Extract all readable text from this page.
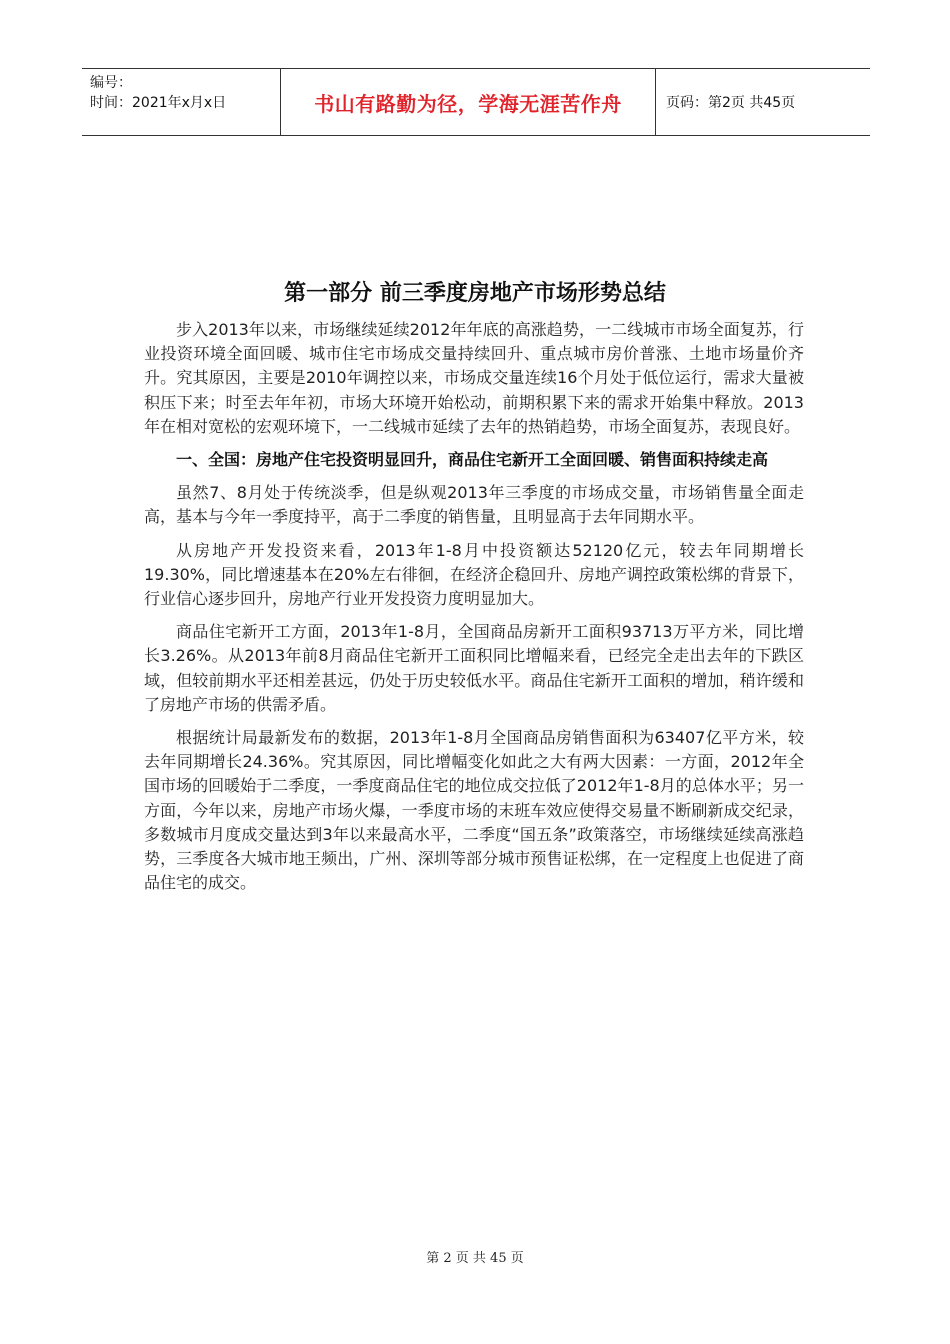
编号：
时间：2021年x月x日	书山有路勤为径，学海无涯苦作舟	页码：第2页 共45页
第一部分 前三季度房地产市场形势总结

步入2013年以来，市场继续延续2012年年底的高涨趋势，一二线城市市场全面复苏，行业投资环境全面回暖、城市住宅市场成交量持续回升、重点城市房价普涨、土地市场量价齐升。究其原因，主要是2010年调控以来，市场成交量连续16个月处于低位运行，需求大量被积压下来；时至去年年初，市场大环境开始松动，前期积累下来的需求开始集中释放。2013年在相对宽松的宏观环境下，一二线城市延续了去年的热销趋势，市场全面复苏，表现良好。

一、全国：房地产住宅投资明显回升，商品住宅新开工全面回暖、销售面积持续走高

虽然7、8月处于传统淡季，但是纵观2013年三季度的市场成交量，市场销售量全面走高，基本与今年一季度持平，高于二季度的销售量，且明显高于去年同期水平。

从房地产开发投资来看，2013年1-8月中投资额达52120亿元，较去年同期增长19.30%，同比增速基本在20%左右徘徊，在经济企稳回升、房地产调控政策松绑的背景下，行业信心逐步回升，房地产行业开发投资力度明显加大。

商品住宅新开工方面，2013年1-8月，全国商品房新开工面积93713万平方米，同比增长3.26%。从2013年前8月商品住宅新开工面积同比增幅来看，已经完全走出去年的下跌区域，但较前期水平还相差甚远，仍处于历史较低水平。商品住宅新开工面积的增加，稍许缓和了房地产市场的供需矛盾。

根据统计局最新发布的数据，2013年1-8月全国商品房销售面积为63407亿平方米，较去年同期增长24.36%。究其原因，同比增幅变化如此之大有两大因素：一方面，2012年全国市场的回暖始于二季度，一季度商品住宅的地位成交拉低了2012年1-8月的总体水平；另一方面，今年以来，房地产市场火爆，一季度市场的末班车效应使得交易量不断刷新成交纪录，多数城市月度成交量达到3年以来最高水平，二季度“国五条”政策落空，市场继续延续高涨趋势，三季度各大城市地王频出，广州、深圳等部分城市预售证松绑，在一定程度上也促进了商品住宅的成交。

第 2 页 共 45 页
